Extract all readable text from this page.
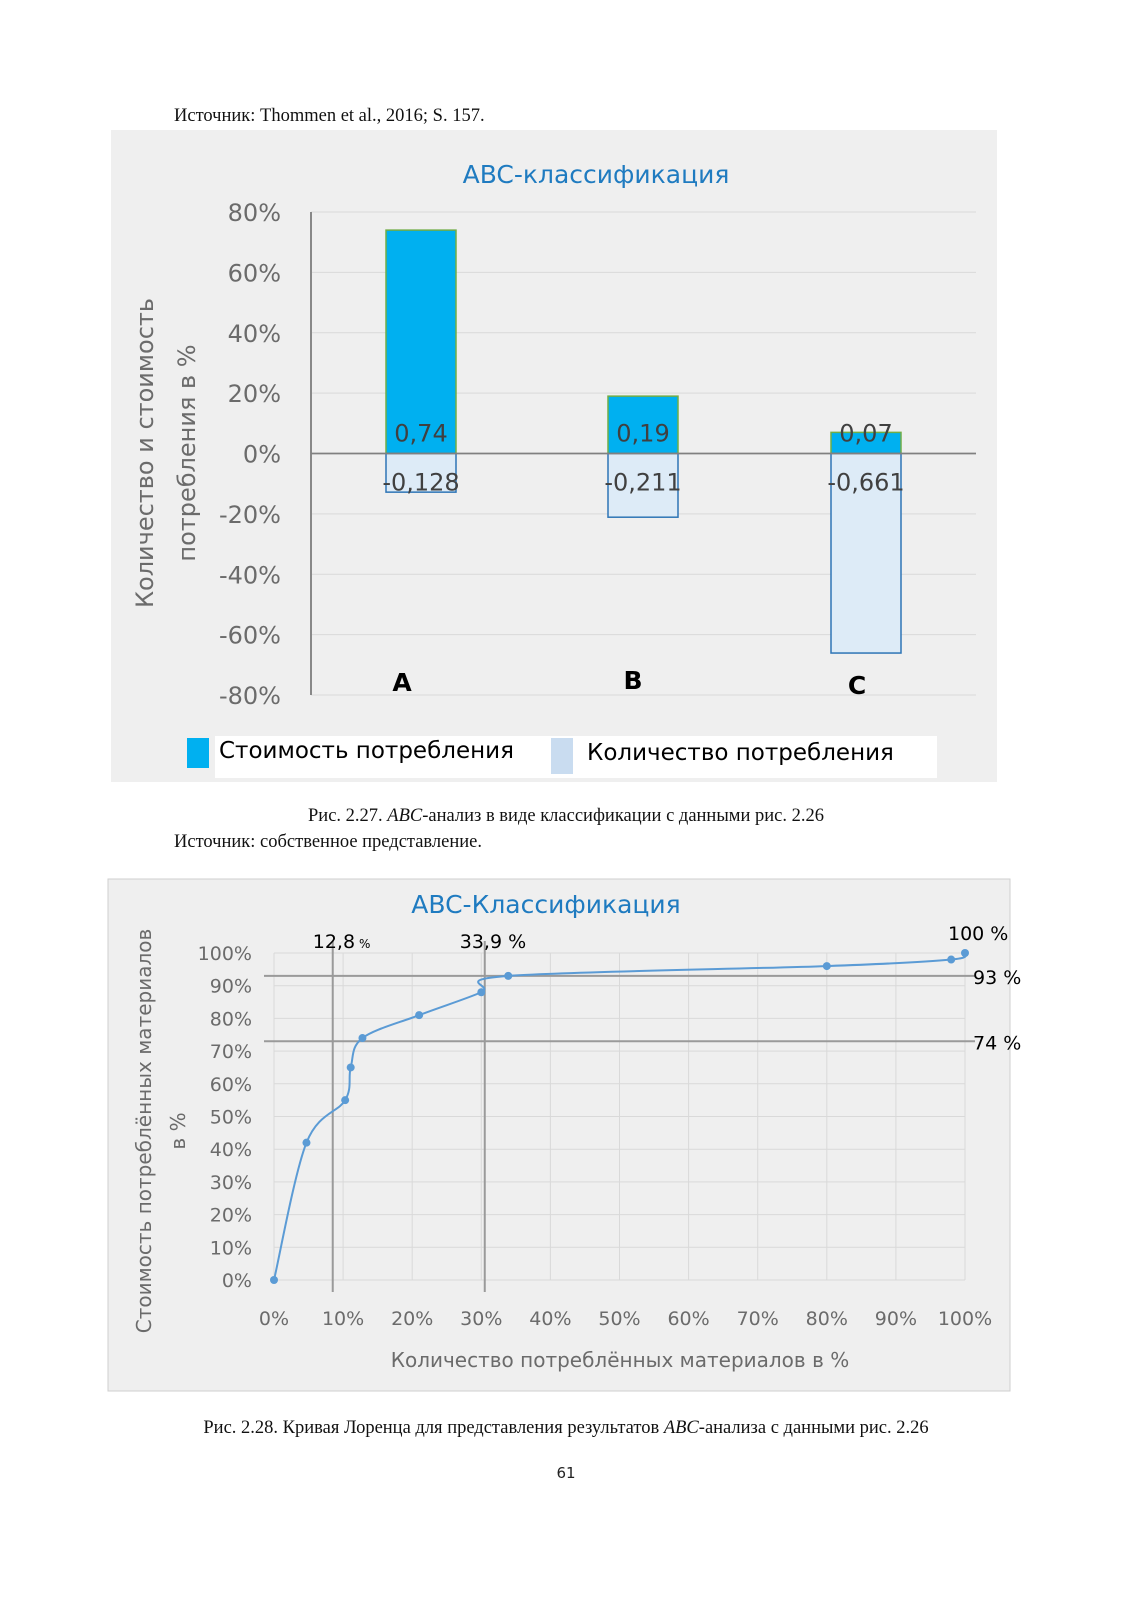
Источник: Thommen et al., 2016; S. 157.
ABC-классификация
80%
60%
40%
20%
0%
-20%
-40%
-60%
-80%
Количество и стоимость потребления в %	0,74
-0,128
0,19
-0,211
0,07
-0,661
A	B	C
Стоимость потребления	Количество потребления
Рис. 2.27. ABC-анализ в виде классификации с данными рис. 2.26
Источник: собственное представление.
ABC-Классификация
0%
10%
20%
30%
40%
50%
60%
70%
80%
90%
100%
0% 10% 20% 30% 40% 50% 60% 70% 80% 90% 100%
Количество потреблённых материалов в %
Стоимость потреблённых материалов в %
93 %
74 %
12,8 %	33,9 %	100 %
Рис. 2.28. Кривая Лоренца для представления результатов ABC-анализа с данными рис. 2.26
61
